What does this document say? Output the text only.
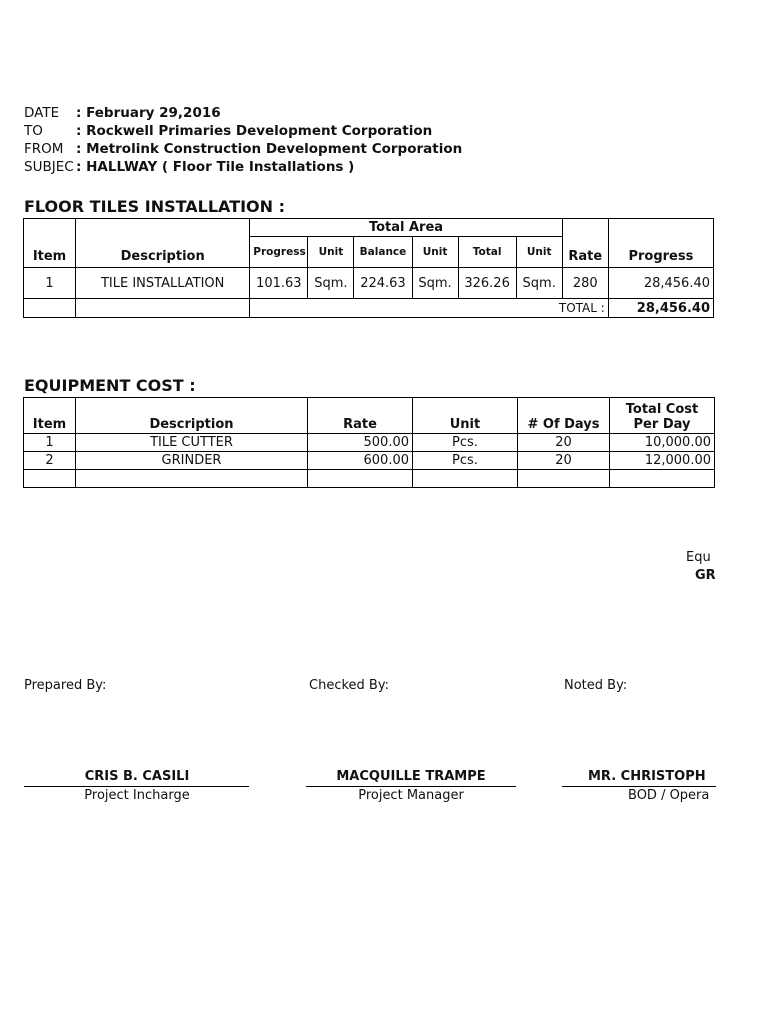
DATE	: February 29,2016
TO	: Rockwell Primaries Development Corporation
FROM : Metrolink Construction Development Corporation
SUBJEC : HALLWAY ( Floor Tile Installations )
FLOOR TILES INSTALLATION :
Item	Description	Total Area						Rate	Progress
		Progress	Unit	Balance	Unit	Total	Unit		
1	TILE INSTALLATION	101.63	Sqm.	224.63	Sqm.	326.26	Sqm.	280	28,456.40
		TOTAL :							28,456.40
EQUIPMENT COST :
Item	Description	Rate	Unit	# Of Days	Total Cost
Per Day

1	TILE CUTTER	500.00	Pcs.	20	10,000.00
2	GRINDER	600.00	Pcs.	20	12,000.00

Equ
GR
Prepared By:	Checked By:	Noted By:
CRIS B. CASILI
Project Incharge
MACQUILLE TRAMPE
Project Manager
MR. CHRISTOPH
BOD / Opera
